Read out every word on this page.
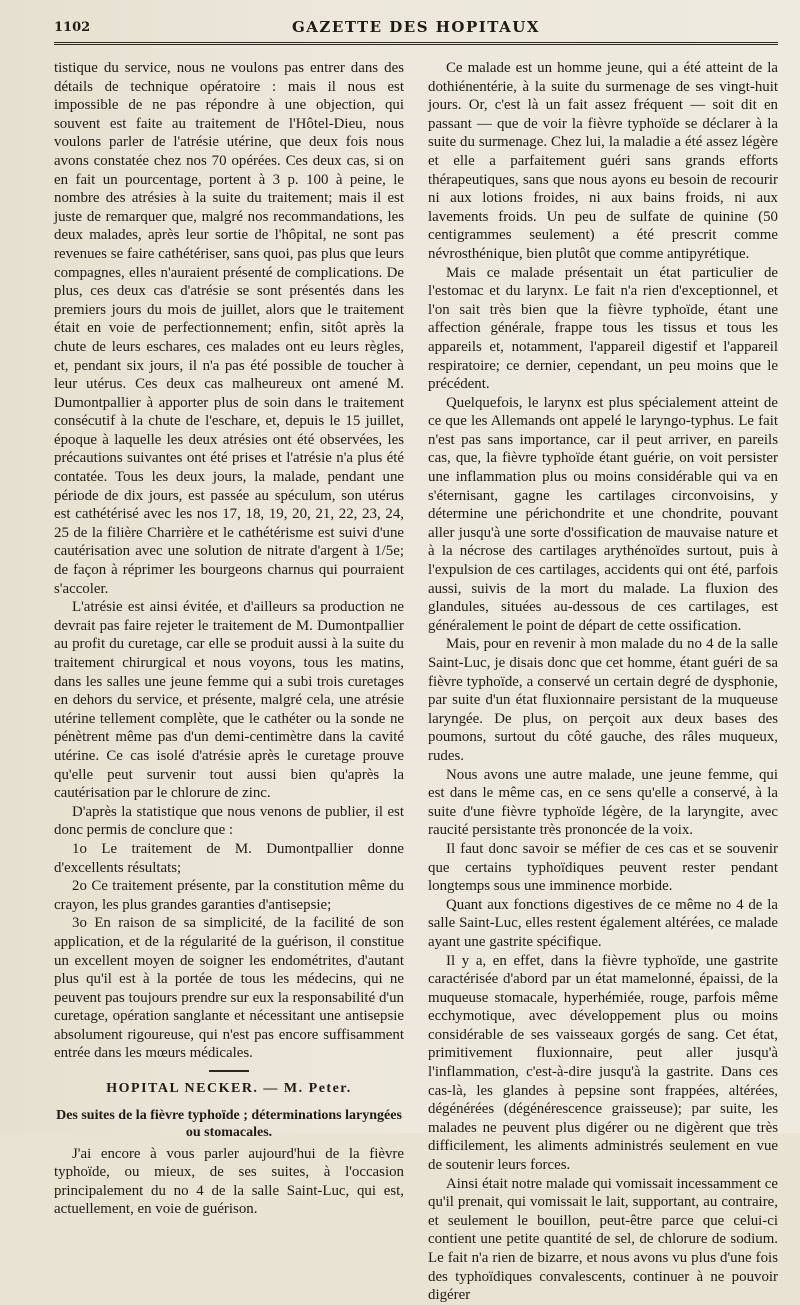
1102	GAZETTE DES HOPITAUX

tistique du service, nous ne voulons pas entrer dans des détails de technique opératoire : mais il nous est impossible de ne pas répondre à une objection, qui souvent est faite au traitement de l'Hôtel-Dieu, nous voulons parler de l'atrésie utérine, que deux fois nous avons constatée chez nos 70 opérées. Ces deux cas, si on en fait un pourcentage, portent à 3 p. 100 à peine, le nombre des atrésies à la suite du traitement; mais il est juste de remarquer que, malgré nos recommandations, les deux malades, après leur sortie de l'hôpital, ne sont pas revenues se faire cathétériser, sans quoi, pas plus que leurs compagnes, elles n'auraient présenté de complications. De plus, ces deux cas d'atrésie se sont présentés dans les premiers jours du mois de juillet, alors que le traitement était en voie de perfectionnement; enfin, sitôt après la chute de leurs eschares, ces malades ont eu leurs règles, et, pendant six jours, il n'a pas été possible de toucher à leur utérus. Ces deux cas malheureux ont amené M. Dumontpallier à apporter plus de soin dans le traitement consécutif à la chute de l'eschare, et, depuis le 15 juillet, époque à laquelle les deux atrésies ont été observées, les précautions suivantes ont été prises et l'atrésie n'a plus été contatée. Tous les deux jours, la malade, pendant une période de dix jours, est passée au spéculum, son utérus est cathétérisé avec les nos 17, 18, 19, 20, 21, 22, 23, 24, 25 de la filière Charrière et le cathétérisme est suivi d'une cautérisation avec une solution de nitrate d'argent à 1/5e; de façon à réprimer les bourgeons charnus qui pourraient s'accoler.

L'atrésie est ainsi évitée, et d'ailleurs sa production ne devrait pas faire rejeter le traitement de M. Dumontpallier au profit du curetage, car elle se produit aussi à la suite du traitement chirurgical et nous voyons, tous les matins, dans les salles une jeune femme qui a subi trois curetages en dehors du service, et présente, malgré cela, une atrésie utérine tellement complète, que le cathéter ou la sonde ne pénètrent même pas d'un demi-centimètre dans la cavité utérine. Ce cas isolé d'atrésie après le curetage prouve qu'elle peut survenir tout aussi bien qu'après la cautérisation par le chlorure de zinc.

D'après la statistique que nous venons de publier, il est donc permis de conclure que :

1o Le traitement de M. Dumontpallier donne d'excellents résultats;

2o Ce traitement présente, par la constitution même du crayon, les plus grandes garanties d'antisepsie;

3o En raison de sa simplicité, de la facilité de son application, et de la régularité de la guérison, il constitue un excellent moyen de soigner les endométrites, d'autant plus qu'il est à la portée de tous les médecins, qui ne peuvent pas toujours prendre sur eux la responsabilité d'un curetage, opération sanglante et nécessitant une antisepsie absolument rigoureuse, qui n'est pas encore suffisamment entrée dans les mœurs médicales.

HOPITAL NECKER. — M. Peter.
Des suites de la fièvre typhoïde ; déterminations laryngées ou stomacales.

J'ai encore à vous parler aujourd'hui de la fièvre typhoïde, ou mieux, de ses suites, à l'occasion principalement du no 4 de la salle Saint-Luc, qui est, actuellement, en voie de guérison.

Ce malade est un homme jeune, qui a été atteint de la dothiénentérie, à la suite du surmenage de ses vingt-huit jours. Or, c'est là un fait assez fréquent — soit dit en passant — que de voir la fièvre typhoïde se déclarer à la suite du surmenage. Chez lui, la maladie a été assez légère et elle a parfaitement guéri sans grands efforts thérapeutiques, sans que nous ayons eu besoin de recourir ni aux lotions froides, ni aux bains froids, ni aux lavements froids. Un peu de sulfate de quinine (50 centigrammes seulement) a été prescrit comme névrosthénique, bien plutôt que comme antipyrétique.

Mais ce malade présentait un état particulier de l'estomac et du larynx. Le fait n'a rien d'exceptionnel, et l'on sait très bien que la fièvre typhoïde, étant une affection générale, frappe tous les tissus et tous les appareils et, notamment, l'appareil digestif et l'appareil respiratoire; ce dernier, cependant, un peu moins que le précédent.

Quelquefois, le larynx est plus spécialement atteint de ce que les Allemands ont appelé le laryngo-typhus. Le fait n'est pas sans importance, car il peut arriver, en pareils cas, que, la fièvre typhoïde étant guérie, on voit persister une inflammation plus ou moins considérable qui va en s'éternisant, gagne les cartilages circonvoisins, y détermine une périchondrite et une chondrite, pouvant aller jusqu'à une sorte d'ossification de mauvaise nature et à la nécrose des cartilages arythénoïdes surtout, puis à l'expulsion de ces cartilages, accidents qui ont été, parfois aussi, suivis de la mort du malade. La fluxion des glandules, situées au-dessous de ces cartilages, est généralement le point de départ de cette ossification.

Mais, pour en revenir à mon malade du no 4 de la salle Saint-Luc, je disais donc que cet homme, étant guéri de sa fièvre typhoïde, a conservé un certain degré de dysphonie, par suite d'un état fluxionnaire persistant de la muqueuse laryngée. De plus, on perçoit aux deux bases des poumons, surtout du côté gauche, des râles muqueux, rudes.

Nous avons une autre malade, une jeune femme, qui est dans le même cas, en ce sens qu'elle a conservé, à la suite d'une fièvre typhoïde légère, de la laryngite, avec raucité persistante très prononcée de la voix.

Il faut donc savoir se méfier de ces cas et se souvenir que certains typhoïdiques peuvent rester pendant longtemps sous une imminence morbide.

Quant aux fonctions digestives de ce même no 4 de la salle Saint-Luc, elles restent également altérées, ce malade ayant une gastrite spécifique.

Il y a, en effet, dans la fièvre typhoïde, une gastrite caractérisée d'abord par un état mamelonné, épaissi, de la muqueuse stomacale, hyperhémiée, rouge, parfois même ecchymotique, avec développement plus ou moins considérable de ses vaisseaux gorgés de sang. Cet état, primitivement fluxionnaire, peut aller jusqu'à l'inflammation, c'est-à-dire jusqu'à la gastrite. Dans ces cas-là, les glandes à pepsine sont frappées, altérées, dégénérées (dégénérescence graisseuse); par suite, les malades ne peuvent plus digérer ou ne digèrent que très difficilement, les aliments administrés seulement en vue de soutenir leurs forces.

Ainsi était notre malade qui vomissait incessamment ce qu'il prenait, qui vomissait le lait, supportant, au contraire, et seulement le bouillon, peut-être parce que celui-ci contient une petite quantité de sel, de chlorure de sodium. Le fait n'a rien de bizarre, et nous avons vu plus d'une fois des typhoïdiques convalescents, continuer à ne pouvoir digérer
